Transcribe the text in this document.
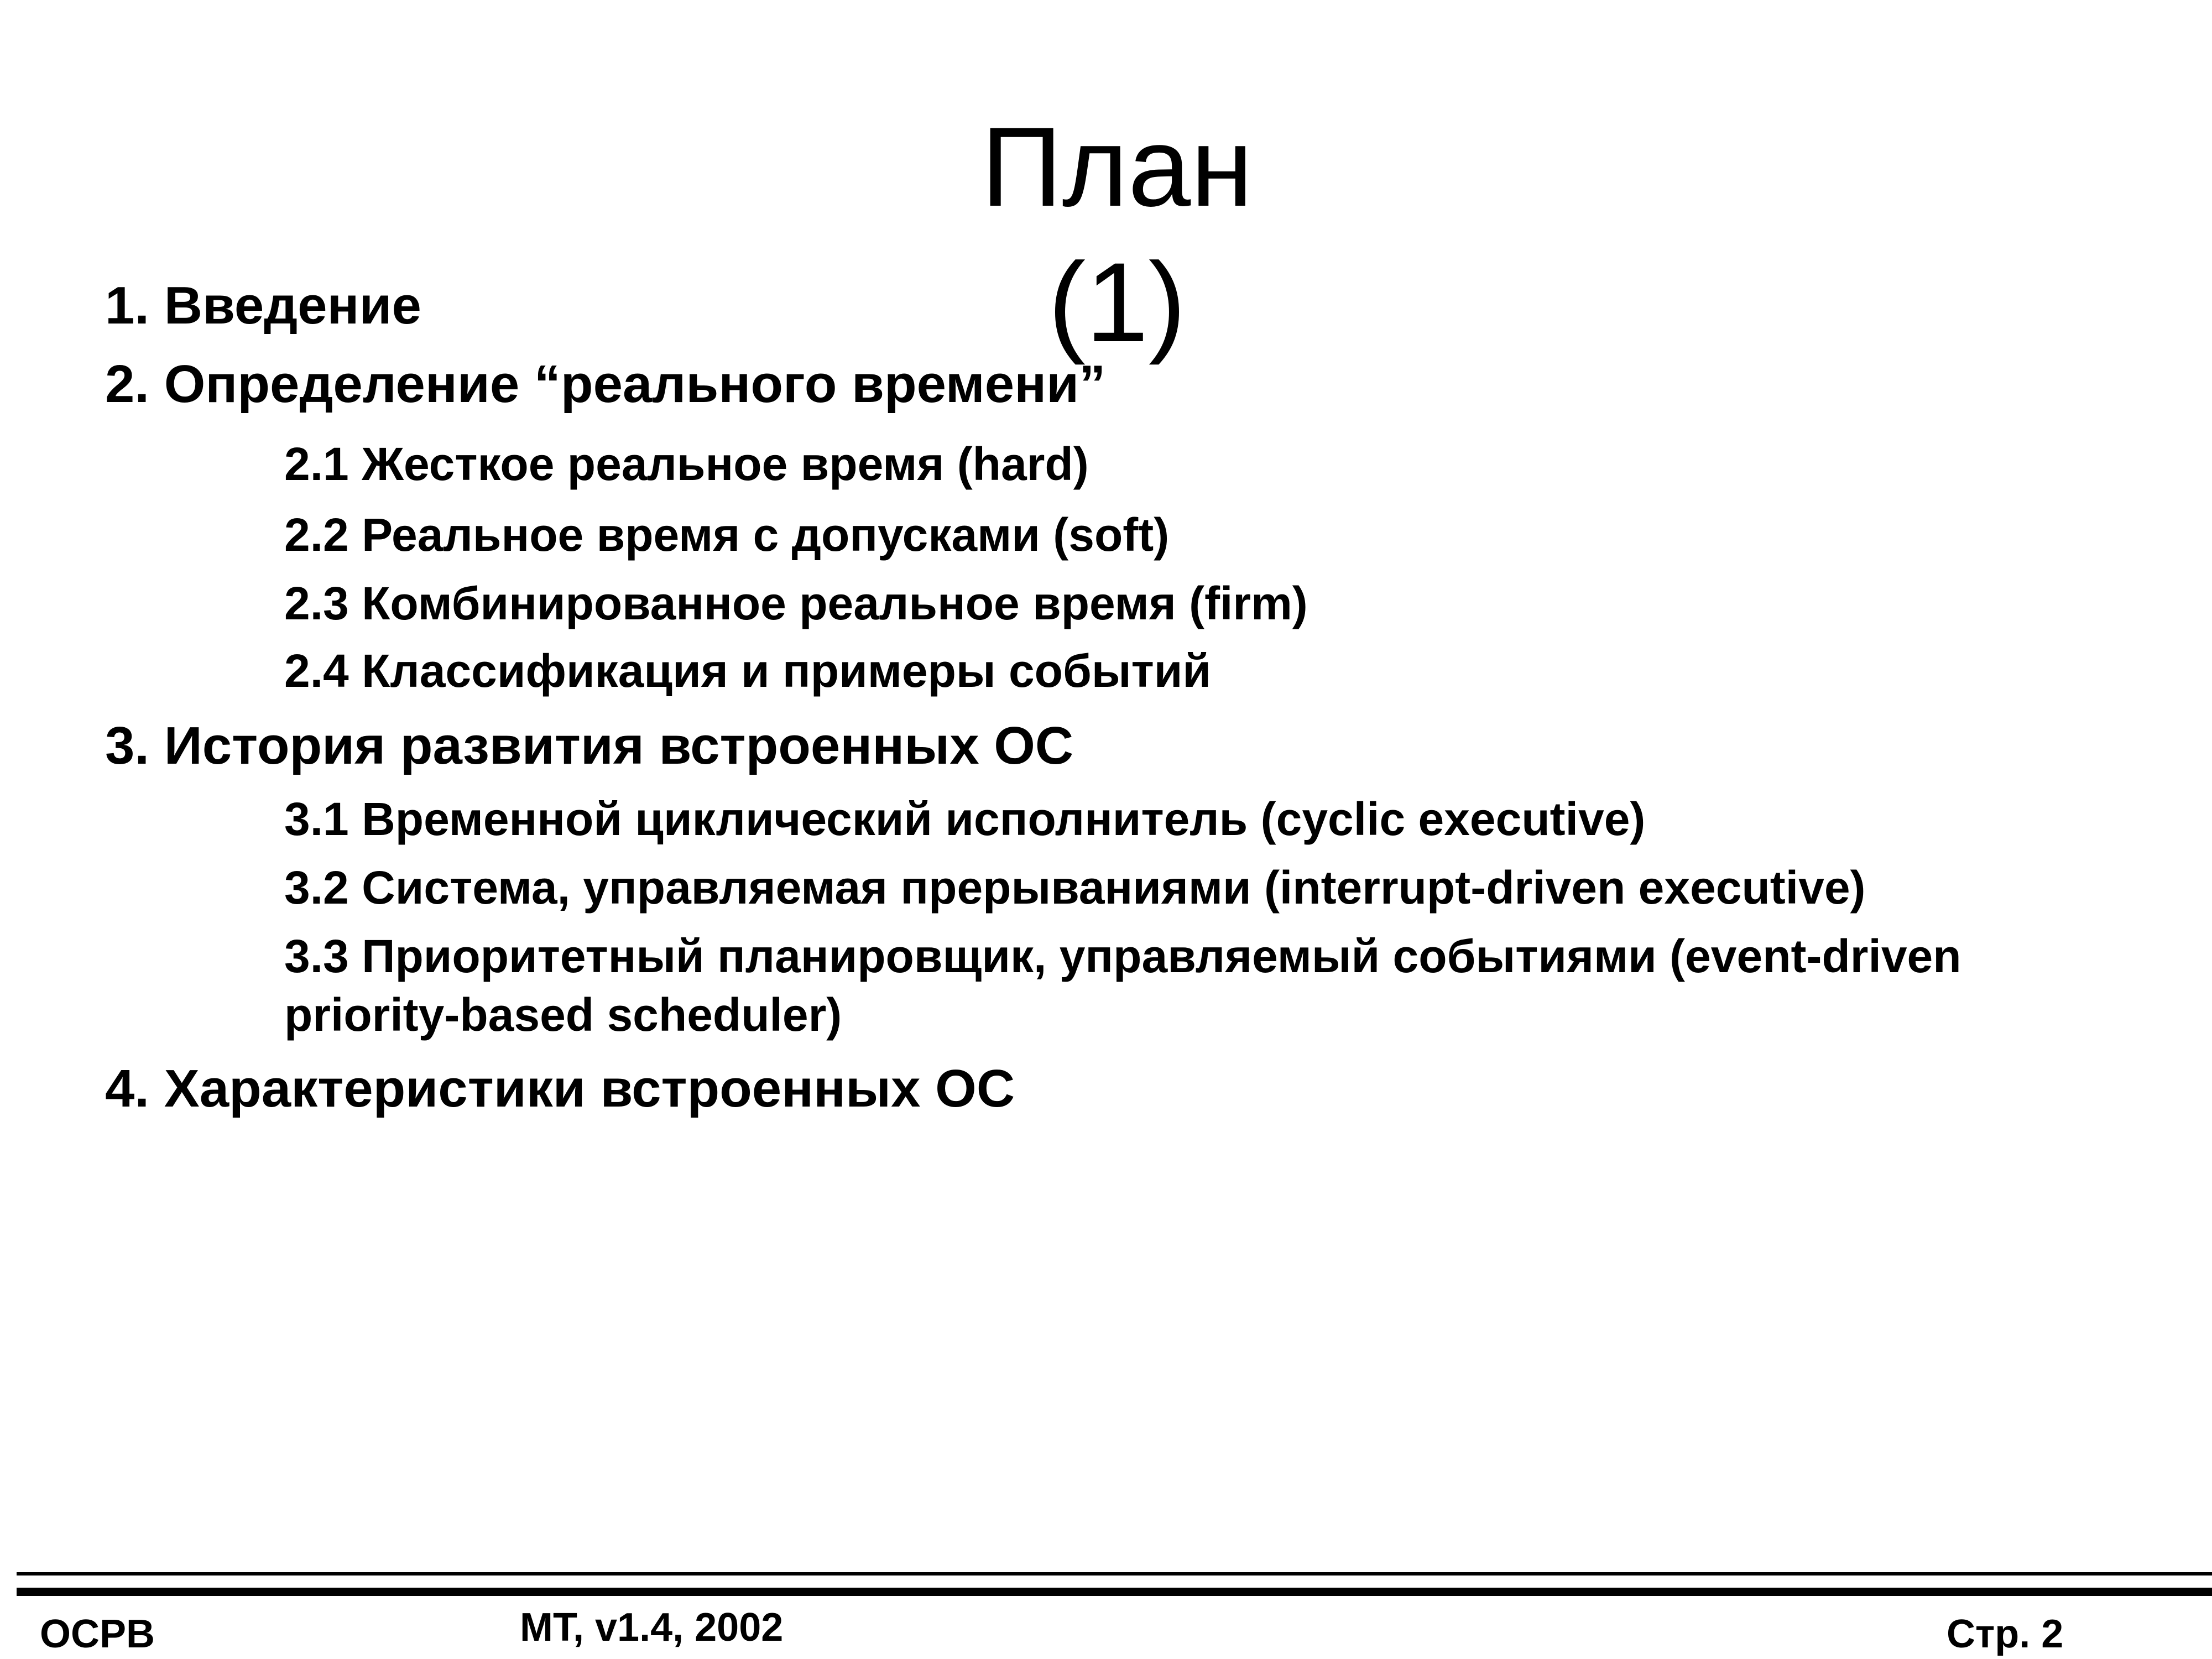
План
(1)
1. Введение
2. Определение “реального времени”
2.1 Жесткое реальное время (hard)
2.2 Реальное время с допусками (soft)
2.3 Комбинированное реальное время (firm)
2.4 Классификация и примеры событий
3. История развития встроенных ОС
3.1 Временной циклический исполнитель (cyclic executive)
3.2 Система, управляемая прерываниями (interrupt-driven executive)
3.3 Приоритетный планировщик, управляемый событиями (event-driven priority-based scheduler)
4. Характеристики встроенных ОС
ОСРВ	MT, v1.4, 2002	Стр. 2
